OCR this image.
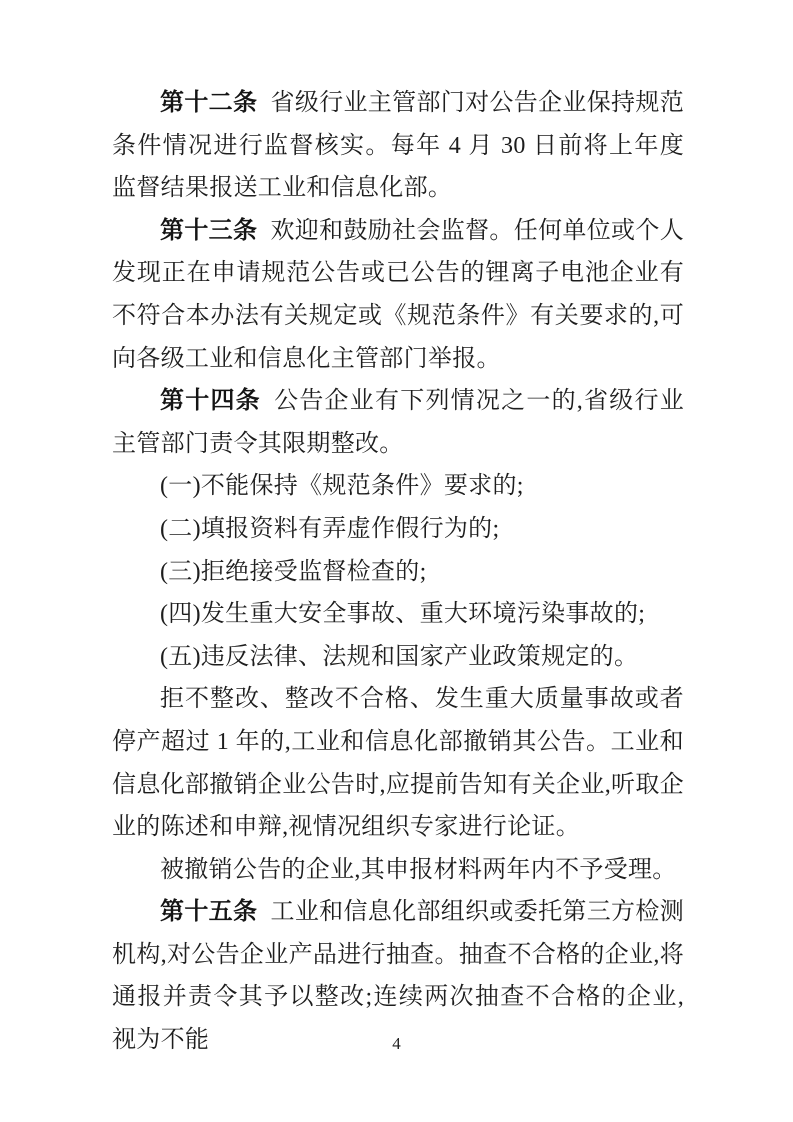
第十二条 省级行业主管部门对公告企业保持规范条件情况进行监督核实。每年 4 月 30 日前将上年度监督结果报送工业和信息化部。

第十三条 欢迎和鼓励社会监督。任何单位或个人发现正在申请规范公告或已公告的锂离子电池企业有不符合本办法有关规定或《规范条件》有关要求的,可向各级工业和信息化主管部门举报。

第十四条 公告企业有下列情况之一的,省级行业主管部门责令其限期整改。

(一)不能保持《规范条件》要求的;

(二)填报资料有弄虚作假行为的;

(三)拒绝接受监督检查的;

(四)发生重大安全事故、重大环境污染事故的;

(五)违反法律、法规和国家产业政策规定的。

拒不整改、整改不合格、发生重大质量事故或者停产超过 1 年的,工业和信息化部撤销其公告。工业和信息化部撤销企业公告时,应提前告知有关企业,听取企业的陈述和申辩,视情况组织专家进行论证。

被撤销公告的企业,其申报材料两年内不予受理。

第十五条 工业和信息化部组织或委托第三方检测机构,对公告企业产品进行抽查。抽查不合格的企业,将通报并责令其予以整改;连续两次抽查不合格的企业,视为不能	4
